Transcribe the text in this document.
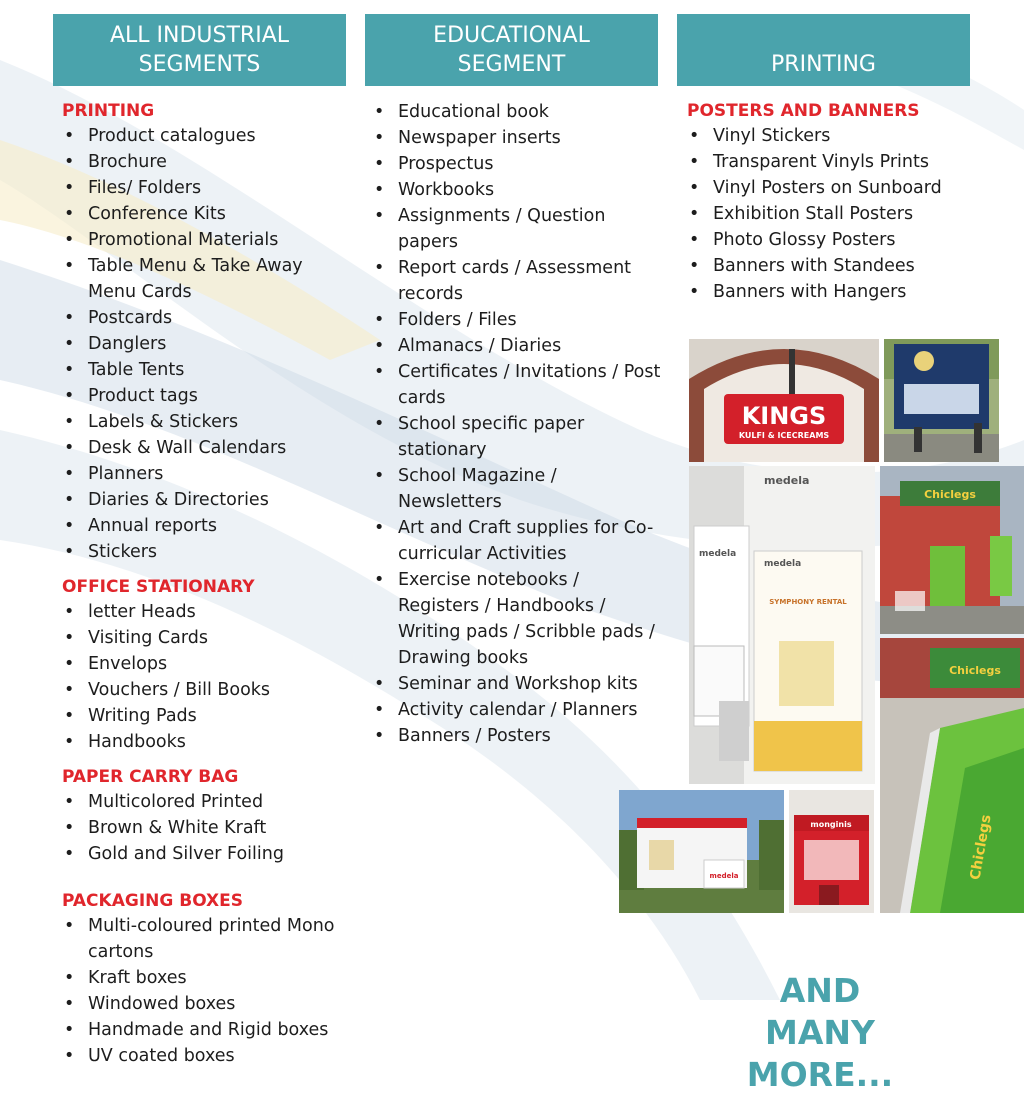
ALL INDUSTRIAL
SEGMENTS
EDUCATIONAL
SEGMENT	PRINTING

PRINTING

• Product catalogues
• Brochure
• Files/ Folders
• Conference Kits
• Promotional Materials
• Table Menu & Take Away Menu Cards
• Postcards
• Danglers
• Table Tents
• Product tags
• Labels & Stickers
• Desk & Wall Calendars
• Planners
• Diaries & Directories
• Annual reports
• Stickers

OFFICE STATIONARY

• letter Heads
• Visiting Cards
• Envelops
• Vouchers / Bill Books
• Writing Pads
• Handbooks

PAPER CARRY BAG

• Multicolored Printed
• Brown & White Kraft
• Gold and Silver Foiling

PACKAGING BOXES

• Multi-coloured printed Mono cartons
• Kraft boxes
• Windowed boxes
• Handmade and Rigid boxes
• UV coated boxes
• Educational book
• Newspaper inserts
• Prospectus
• Workbooks
• Assignments / Question papers
• Report cards / Assessment records
• Folders / Files
• Almanacs / Diaries
• Certificates / Invitations / Post cards
• School specific paper stationary
• School Magazine / Newsletters
• Art and Craft supplies for Co-curricular Activities
• Exercise notebooks / Registers / Handbooks / Writing pads / Scribble pads / Drawing books
• Seminar and Workshop kits
• Activity calendar / Planners
• Banners / Posters

POSTERS AND BANNERS

• Vinyl Stickers
• Transparent Vinyls Prints
• Vinyl Posters on Sunboard
• Exhibition Stall Posters
• Photo Glossy Posters
• Banners with Standees
• Banners with Hangers
KINGS
KULFI & ICECREAMS
medela
medela
SYMPHONY RENTAL
medela
Chiclegs
Chiclegs
Chiclegs
medela
monginis
AND
MANY
MORE...
